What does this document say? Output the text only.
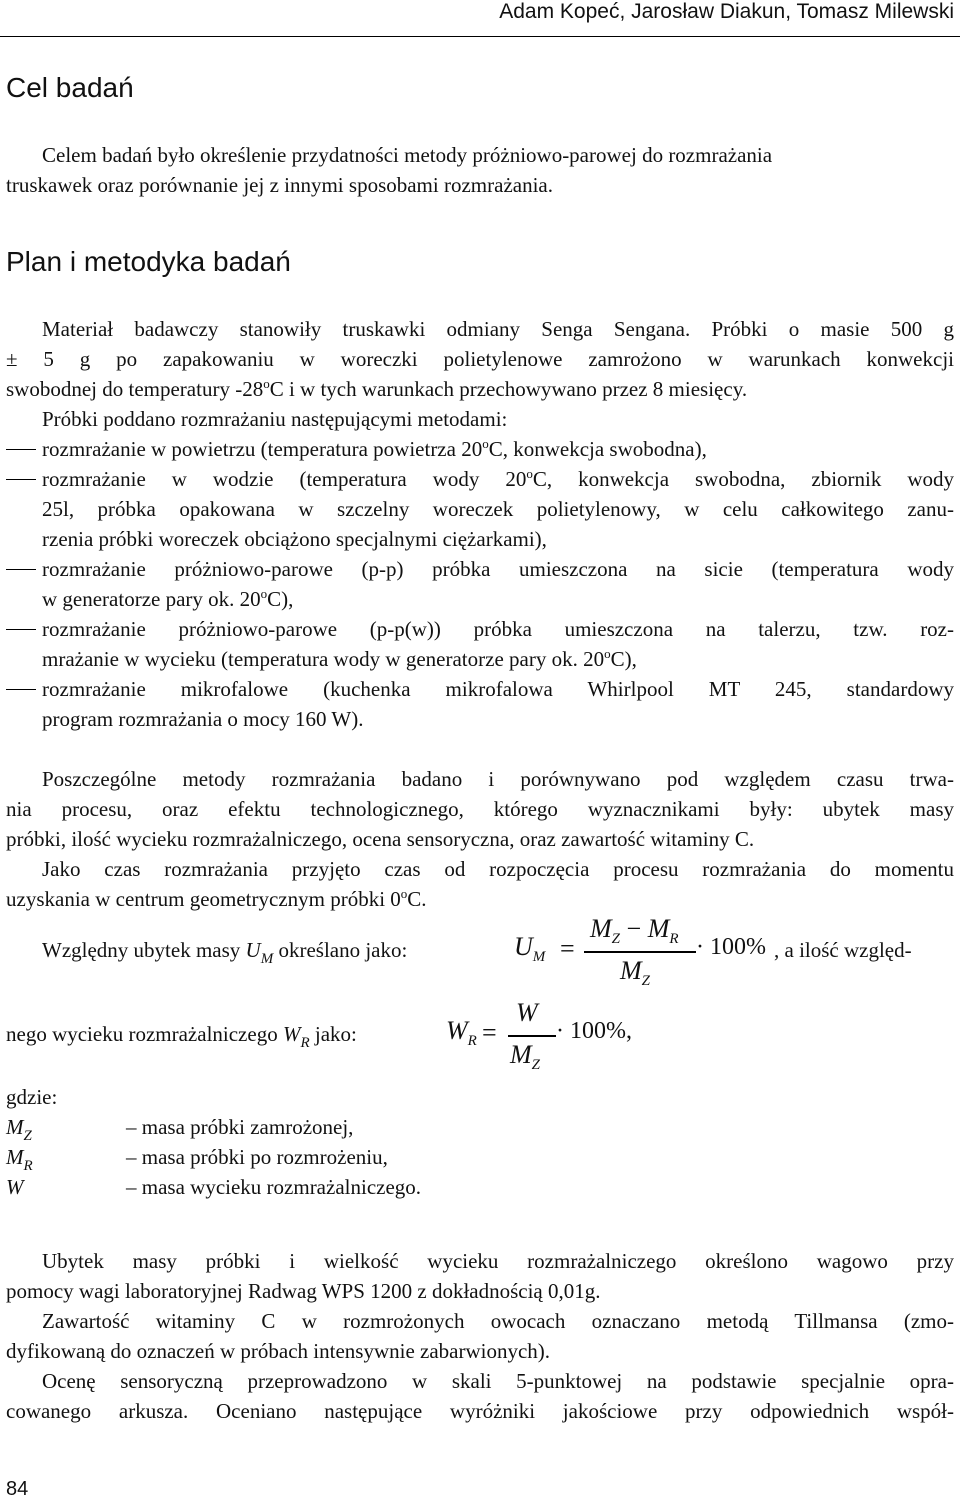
Adam Kopeć, Jarosław Diakun, Tomasz Milewski
Cel badań
Celem badań było określenie przydatności metody próżniowo-parowej do rozmrażania
truskawek oraz porównanie jej z innymi sposobami rozmrażania.
Plan i metodyka badań
Materiał badawczy stanowiły truskawki odmiany Senga Sengana. Próbki o masie 500 g
± 5 g po zapakowaniu w woreczki polietylenowe zamrożono w warunkach konwekcji
swobodnej do temperatury -28$^o$C i w tych warunkach przechowywano przez 8 miesięcy.
Próbki poddano rozmrażaniu następującymi metodami:
rozmrażanie w powietrzu (temperatura powietrza 20$^o$C, konwekcja swobodna),
rozmrażanie w wodzie (temperatura wody 20$^o$C, konwekcja swobodna, zbiornik wody
25l, próbka opakowana w szczelny woreczek polietylenowy, w celu całkowitego zanu-
rzenia próbki woreczek obciążono specjalnymi ciężarkami),
rozmrażanie próżniowo-parowe (p-p) próbka umieszczona na sicie (temperatura wody
w generatorze pary ok. 20$^o$C),
rozmrażanie próżniowo-parowe (p-p(w)) próbka umieszczona na talerzu, tzw. roz-
mrażanie w wycieku (temperatura wody w generatorze pary ok. 20$^o$C),
rozmrażanie mikrofalowe (kuchenka mikrofalowa Whirlpool MT 245, standardowy
program rozmrażania o mocy 160 W).
Poszczególne metody rozmrażania badano i porównywano pod względem czasu trwa-
nia procesu, oraz efektu technologicznego, którego wyznacznikami były: ubytek masy
próbki, ilość wycieku rozmrażalniczego, ocena sensoryczna, oraz zawartość witaminy C.
Jako czas rozmrażania przyjęto czas od rozpoczęcia procesu rozmrażania do momentu
uzyskania w centrum geometrycznym próbki 0$^o$C.
Względny ubytek masy $U_M$ określano jako:	$U_M$ =
$M_Z - M_R$
$M_Z$
· 100% , a ilość względ-
nego wycieku rozmrażalniczego $W_R$ jako:	$W_R$ =
W
$M_Z$
· 100%,
gdzie:
$M_Z$	– masa próbki zamrożonej,
$M_R$	– masa próbki po rozmrożeniu,
W	– masa wycieku rozmrażalniczego.
Ubytek masy próbki i wielkość wycieku rozmrażalniczego określono wagowo przy
pomocy wagi laboratoryjnej Radwag WPS 1200 z dokładnością 0,01g.
Zawartość witaminy C w rozmrożonych owocach oznaczano metodą Tillmansa (zmo-
dyfikowaną do oznaczeń w próbach intensywnie zabarwionych).
Ocenę sensoryczną przeprowadzono w skali 5-punktowej na podstawie specjalnie opra-
cowanego arkusza. Oceniano następujące wyróżniki jakościowe przy odpowiednich współ-
84
